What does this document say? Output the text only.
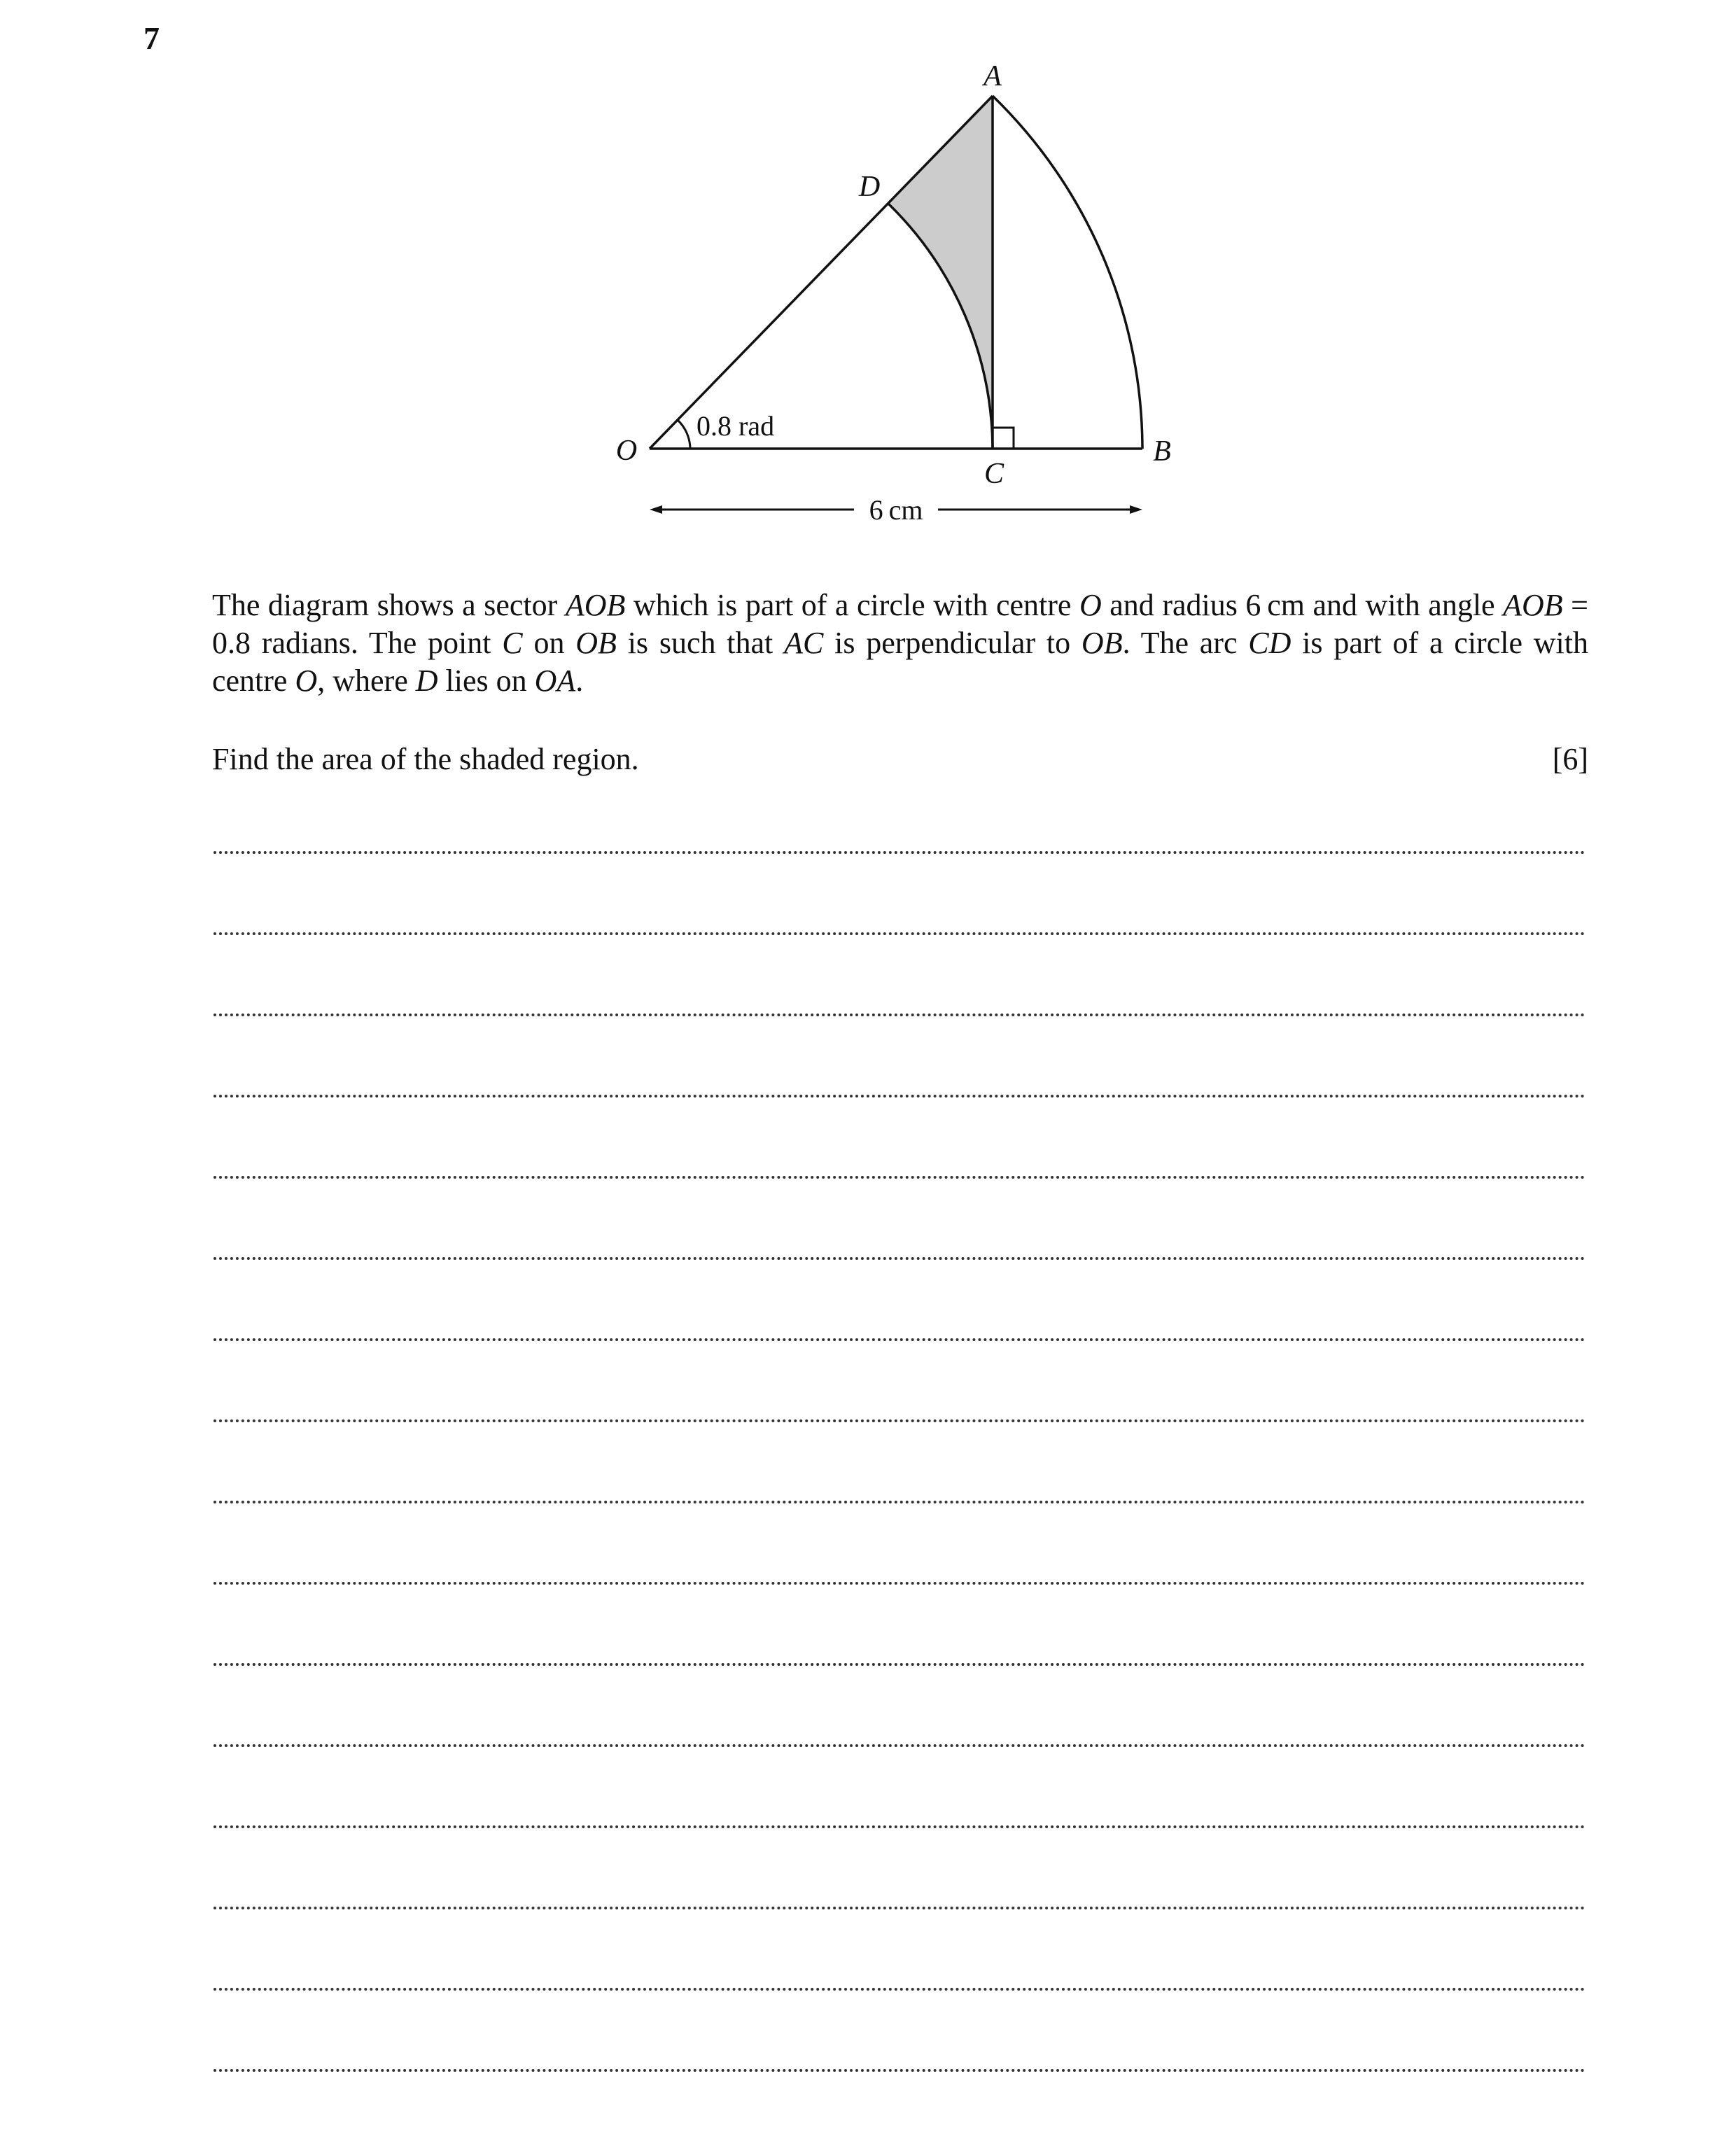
7
A
D
O
C
B
0.8 rad
6 cm
The diagram shows a sector AOB which is part of a circle with centre O and radius 6 cm and with angle AOB = 0.8 radians. The point C on OB is such that AC is perpendicular to OB. The arc CD is part of a circle with centre O, where D lies on OA.
Find the area of the shaded region.	[6]
